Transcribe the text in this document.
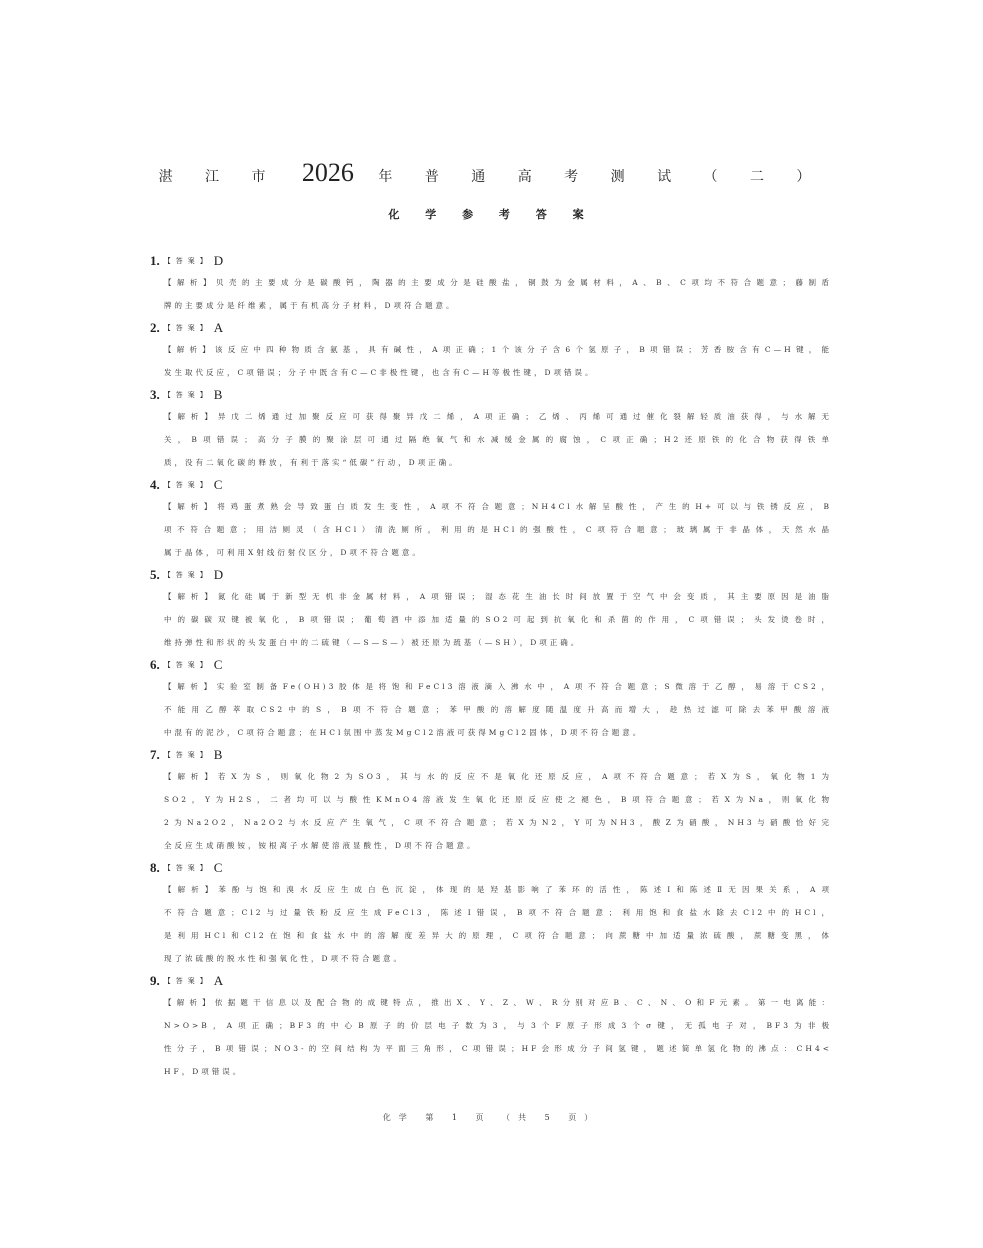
湛 江 市 2026 年 普 通 高 考 测 试 （ 二 ）
化 学 参 考 答 案
1. 【答案】 D
【解析】贝壳的主要成分是碳酸钙，陶器的主要成分是硅酸盐，铜鼓为金属材料，A、B、C项均不符合题意；藤制盾
牌的主要成分是纤维素，属于有机高分子材料，D项符合题意。
2. 【答案】 A
【解析】该反应中四种物质含氨基，具有碱性，A项正确；1个该分子含6个氢原子，B项错误；芳香胺含有C—H键，能
发生取代反应，C项错误；分子中既含有C—C非极性键，也含有C—H等极性键，D项错误。
3. 【答案】 B
【解析】异戊二烯通过加聚反应可获得聚异戊二烯，A项正确；乙烯、丙烯可通过催化裂解轻质油获得，与水解无
关，B项错误；高分子膜的聚涂层可通过隔绝氧气和水减缓金属的腐蚀，C项正确；H2还原铁的化合物获得铁单
质，没有二氧化碳的释放，有利于落实“低碳”行动，D项正确。
4. 【答案】 C
【解析】将鸡蛋煮熟会导致蛋白质发生变性，A项不符合题意；NH4Cl水解呈酸性，产生的H+可以与铁锈反应，B
项不符合题意；用洁厕灵（含HCl）清洗厕所，利用的是HCl的强酸性，C项符合题意；玻璃属于非晶体，天然水晶
属于晶体，可利用X射线衍射仪区分，D项不符合题意。
5. 【答案】 D
【解析】氮化硅属于新型无机非金属材料，A项错误；湿态花生油长时间放置于空气中会变质，其主要原因是油脂
中的碳碳双键被氧化，B项错误；葡萄酒中添加适量的SO2可起到抗氧化和杀菌的作用，C项错误；头发烫卷时，
维持弹性和形状的头发蛋白中的二硫键（—S—S—）被还原为巯基（—SH），D项正确。
6. 【答案】 C
【解析】实验室制备Fe(OH)3胶体是将饱和FeCl3溶液滴入沸水中，A项不符合题意；S微溶于乙醇，易溶于CS2，
不能用乙醇萃取CS2中的S，B项不符合题意；苯甲酸的溶解度随温度升高而增大，趁热过滤可除去苯甲酸溶液
中混有的泥沙，C项符合题意；在HCl氛围中蒸发MgCl2溶液可获得MgCl2固体，D项不符合题意。
7. 【答案】 B
【解析】若X为S，则氧化物2为SO3，其与水的反应不是氧化还原反应，A项不符合题意；若X为S，氧化物1为
SO2，Y为H2S，二者均可以与酸性KMnO4溶液发生氧化还原反应使之褪色，B项符合题意；若X为Na，则氧化物
2为Na2O2，Na2O2与水反应产生氧气，C项不符合题意；若X为N2，Y可为NH3，酸Z为硝酸，NH3与硝酸恰好完
全反应生成硝酸铵，铵根离子水解使溶液显酸性，D项不符合题意。
8. 【答案】 C
【解析】苯酚与饱和溴水反应生成白色沉淀，体现的是羟基影响了苯环的活性，陈述Ⅰ和陈述Ⅱ无因果关系，A项
不符合题意；Cl2与过量铁粉反应生成FeCl3，陈述Ⅰ错误，B项不符合题意；利用饱和食盐水除去Cl2中的HCl，
是利用HCl和Cl2在饱和食盐水中的溶解度差异大的原理，C项符合题意；向蔗糖中加适量浓硫酸，蔗糖变黑，体
现了浓硫酸的脱水性和强氧化性，D项不符合题意。
9. 【答案】 A
【解析】依据题干信息以及配合物的成键特点，推出X、Y、Z、W、R分别对应B、C、N、O和F元素。第一电离能：
N>O>B，A项正确；BF3的中心B原子的价层电子数为3，与3个F原子形成3个σ键，无孤电子对，BF3为非极
性分子，B项错误；NO3-的空间结构为平面三角形，C项错误；HF会形成分子间氢键，题述简单氢化物的沸点：CH4<
HF，D项错误。
化学 第 1 页 （共 5 页）
